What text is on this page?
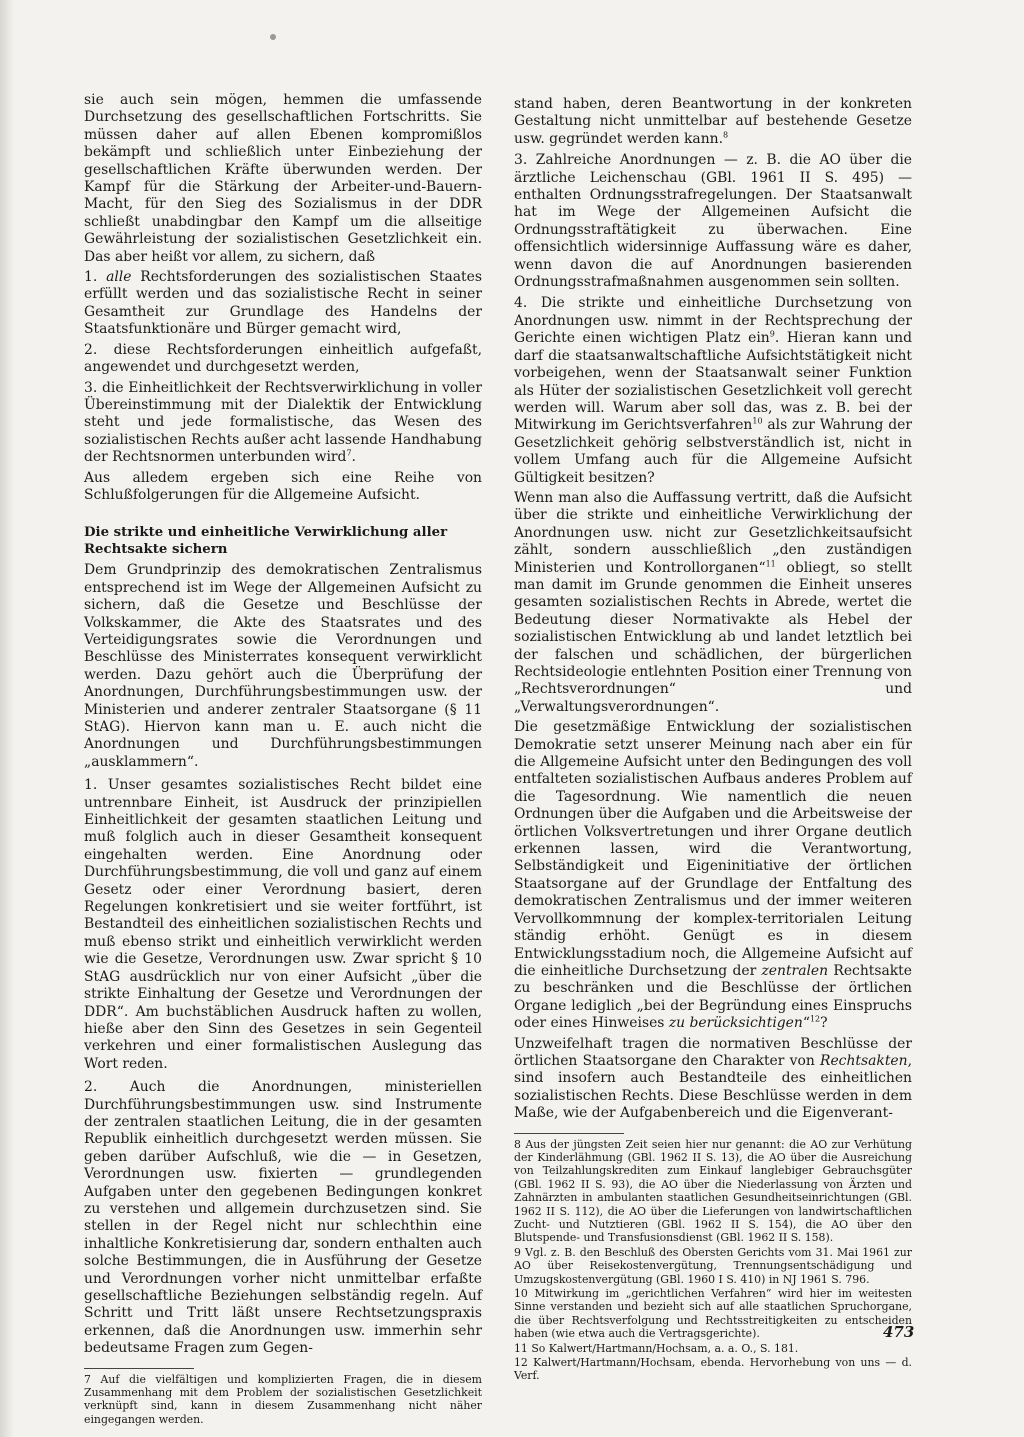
sie auch sein mögen, hemmen die umfassende Durchsetzung des gesellschaftlichen Fortschritts. Sie müssen daher auf allen Ebenen kompromißlos bekämpft und schließlich unter Einbeziehung der gesellschaftlichen Kräfte überwunden werden. Der Kampf für die Stärkung der Arbeiter-und-Bauern-Macht, für den Sieg des Sozialismus in der DDR schließt unabdingbar den Kampf um die allseitige Gewährleistung der sozialistischen Gesetzlichkeit ein. Das aber heißt vor allem, zu sichern, daß

1. alle Rechtsforderungen des sozialistischen Staates erfüllt werden und das sozialistische Recht in seiner Gesamtheit zur Grundlage des Handelns der Staatsfunktionäre und Bürger gemacht wird,

2. diese Rechtsforderungen einheitlich aufgefaßt, angewendet und durchgesetzt werden,

3. die Einheitlichkeit der Rechtsverwirklichung in voller Übereinstimmung mit der Dialektik der Entwicklung steht und jede formalistische, das Wesen des sozialistischen Rechts außer acht lassende Handhabung der Rechtsnormen unterbunden wird$^7$.

Aus alledem ergeben sich eine Reihe von Schlußfolgerungen für die Allgemeine Aufsicht.

Die strikte und einheitliche Verwirklichung aller Rechtsakte sichern

Dem Grundprinzip des demokratischen Zentralismus entsprechend ist im Wege der Allgemeinen Aufsicht zu sichern, daß die Gesetze und Beschlüsse der Volkskammer, die Akte des Staatsrates und des Verteidigungsrates sowie die Verordnungen und Beschlüsse des Ministerrates konsequent verwirklicht werden. Dazu gehört auch die Überprüfung der Anordnungen, Durchführungsbestimmungen usw. der Ministerien und anderer zentraler Staatsorgane (§ 11 StAG). Hiervon kann man u. E. auch nicht die Anordnungen und Durchführungsbestimmungen „ausklammern“.

1. Unser gesamtes sozialistisches Recht bildet eine untrennbare Einheit, ist Ausdruck der prinzipiellen Einheitlichkeit der gesamten staatlichen Leitung und muß folglich auch in dieser Gesamtheit konsequent eingehalten werden. Eine Anordnung oder Durchführungsbestimmung, die voll und ganz auf einem Gesetz oder einer Verordnung basiert, deren Regelungen konkretisiert und sie weiter fortführt, ist Bestandteil des einheitlichen sozialistischen Rechts und muß ebenso strikt und einheitlich verwirklicht werden wie die Gesetze, Verordnungen usw. Zwar spricht § 10 StAG ausdrücklich nur von einer Aufsicht „über die strikte Einhaltung der Gesetze und Verordnungen der DDR“. Am buchstäblichen Ausdruck haften zu wollen, hieße aber den Sinn des Gesetzes in sein Gegenteil verkehren und einer formalistischen Auslegung das Wort reden.

2. Auch die Anordnungen, ministeriellen Durchführungsbestimmungen usw. sind Instrumente der zentralen staatlichen Leitung, die in der gesamten Republik einheitlich durchgesetzt werden müssen. Sie geben darüber Aufschluß, wie die — in Gesetzen, Verordnungen usw. fixierten — grundlegenden Aufgaben unter den gegebenen Bedingungen konkret zu verstehen und allgemein durchzusetzen sind. Sie stellen in der Regel nicht nur schlechthin eine inhaltliche Konkretisierung dar, sondern enthalten auch solche Bestimmungen, die in Ausführung der Gesetze und Verordnungen vorher nicht unmittelbar erfaßte gesellschaftliche Beziehungen selbständig regeln. Auf Schritt und Tritt läßt unsere Rechtsetzungspraxis erkennen, daß die Anordnungen usw. immerhin sehr bedeutsame Fragen zum Gegen-

7 Auf die vielfältigen und komplizierten Fragen, die in diesem Zusammenhang mit dem Problem der sozialistischen Gesetzlichkeit verknüpft sind, kann in diesem Zusammenhang nicht näher eingegangen werden.

stand haben, deren Beantwortung in der konkreten Gestaltung nicht unmittelbar auf bestehende Gesetze usw. gegründet werden kann.$^8$

3. Zahlreiche Anordnungen — z. B. die AO über die ärztliche Leichenschau (GBl. 1961 II S. 495) — enthalten Ordnungsstrafregelungen. Der Staatsanwalt hat im Wege der Allgemeinen Aufsicht die Ordnungsstraftätigkeit zu überwachen. Eine offensichtlich widersinnige Auffassung wäre es daher, wenn davon die auf Anordnungen basierenden Ordnungsstrafmaßnahmen ausgenommen sein sollten.

4. Die strikte und einheitliche Durchsetzung von Anordnungen usw. nimmt in der Rechtsprechung der Gerichte einen wichtigen Platz ein$^9$. Hieran kann und darf die staatsanwaltschaftliche Aufsichtstätigkeit nicht vorbeigehen, wenn der Staatsanwalt seiner Funktion als Hüter der sozialistischen Gesetzlichkeit voll gerecht werden will. Warum aber soll das, was z. B. bei der Mitwirkung im Gerichtsverfahren$^{10}$ als zur Wahrung der Gesetzlichkeit gehörig selbstverständlich ist, nicht in vollem Umfang auch für die Allgemeine Aufsicht Gültigkeit besitzen?

Wenn man also die Auffassung vertritt, daß die Aufsicht über die strikte und einheitliche Verwirklichung der Anordnungen usw. nicht zur Gesetzlichkeitsaufsicht zählt, sondern ausschließlich „den zuständigen Ministerien und Kontrollorganen“$^{11}$ obliegt, so stellt man damit im Grunde genommen die Einheit unseres gesamten sozialistischen Rechts in Abrede, wertet die Bedeutung dieser Normativakte als Hebel der sozialistischen Entwicklung ab und landet letztlich bei der falschen und schädlichen, der bürgerlichen Rechtsideologie entlehnten Position einer Trennung von „Rechtsverordnungen“ und „Verwaltungsverordnungen“.

Die gesetzmäßige Entwicklung der sozialistischen Demokratie setzt unserer Meinung nach aber ein für die Allgemeine Aufsicht unter den Bedingungen des voll entfalteten sozialistischen Aufbaus anderes Problem auf die Tagesordnung. Wie namentlich die neuen Ordnungen über die Aufgaben und die Arbeitsweise der örtlichen Volksvertretungen und ihrer Organe deutlich erkennen lassen, wird die Verantwortung, Selbständigkeit und Eigeninitiative der örtlichen Staatsorgane auf der Grundlage der Entfaltung des demokratischen Zentralismus und der immer weiteren Vervollkommnung der komplex-territorialen Leitung ständig erhöht. Genügt es in diesem Entwicklungsstadium noch, die Allgemeine Aufsicht auf die einheitliche Durchsetzung der zentralen Rechtsakte zu beschränken und die Beschlüsse der örtlichen Organe lediglich „bei der Begründung eines Einspruchs oder eines Hinweises zu berücksichtigen“$^{12}$?

Unzweifelhaft tragen die normativen Beschlüsse der örtlichen Staatsorgane den Charakter von Rechtsakten, sind insofern auch Bestandteile des einheitlichen sozialistischen Rechts. Diese Beschlüsse werden in dem Maße, wie der Aufgabenbereich und die Eigenverant-

8 Aus der jüngsten Zeit seien hier nur genannt: die AO zur Verhütung der Kinderlähmung (GBl. 1962 II S. 13), die AO über die Ausreichung von Teilzahlungskrediten zum Einkauf langlebiger Gebrauchsgüter (GBl. 1962 II S. 93), die AO über die Niederlassung von Ärzten und Zahnärzten in ambulanten staatlichen Gesundheitseinrichtungen (GBl. 1962 II S. 112), die AO über die Lieferungen von landwirtschaftlichen Zucht- und Nutztieren (GBl. 1962 II S. 154), die AO über den Blutspende- und Transfusionsdienst (GBl. 1962 II S. 158).

9 Vgl. z. B. den Beschluß des Obersten Gerichts vom 31. Mai 1961 zur AO über Reisekostenvergütung, Trennungsentschädigung und Umzugskostenvergütung (GBl. 1960 I S. 410) in NJ 1961 S. 796.

10 Mitwirkung im „gerichtlichen Verfahren“ wird hier im weitesten Sinne verstanden und bezieht sich auf alle staatlichen Spruchorgane, die über Rechtsverfolgung und Rechtsstreitigkeiten zu entscheiden haben (wie etwa auch die Vertragsgerichte).

11 So Kalwert/Hartmann/Hochsam, a. a. O., S. 181.

12 Kalwert/Hartmann/Hochsam, ebenda. Hervorhebung von uns — d. Verf.

473
